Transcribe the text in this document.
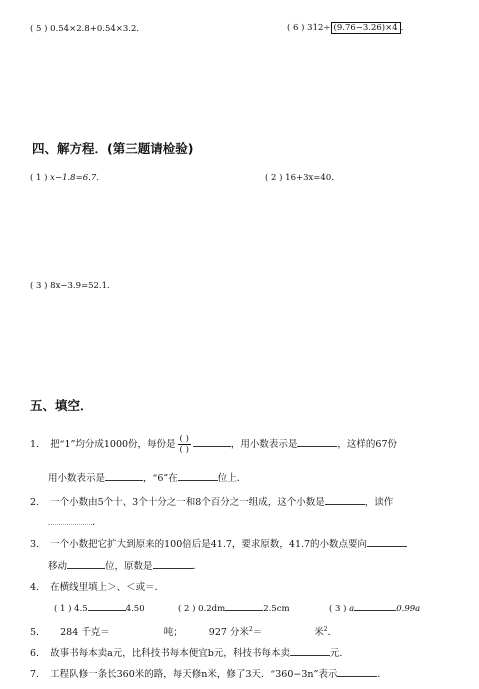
( 5 ) 0.54×2.8+0.54×3.2．	( 6 ) 312÷ (9.76−3.26)×4 ．
四、解方程．(第三题请检验)
( 1 ) x−1.8=6.7．	( 2 ) 16+3x=40．
( 3 ) 8x−3.9=52.1．
五、填空．
1. 把“1”均分成1000份，每份是 $\frac{( )}{( )}$	，用小数表示是	，这样的67份
用小数表示是	，“6”在	位上．
2. 一个小数由5个十、3个十分之一和8个百分之一组成，这个小数是	，读作
．
3. 一个小数把它扩大到原来的100倍后是41.7，要求原数，41.7的小数点要向
移动	位，原数是	．
4. 在横线里填上＞、＜或＝．
( 1 ) 4.5	4.50	( 2 ) 0.2dm	2.5cm	( 3 ) a	0.99a
5. 284 千克＝	吨；	927 分米$^2$＝	米$^2$．
6. 故事书每本卖a元，比科技书每本便宜b元，科技书每本卖	元．
7. 工程队修一条长360米的路，每天修n米，修了3天．“360−3n”表示	．
